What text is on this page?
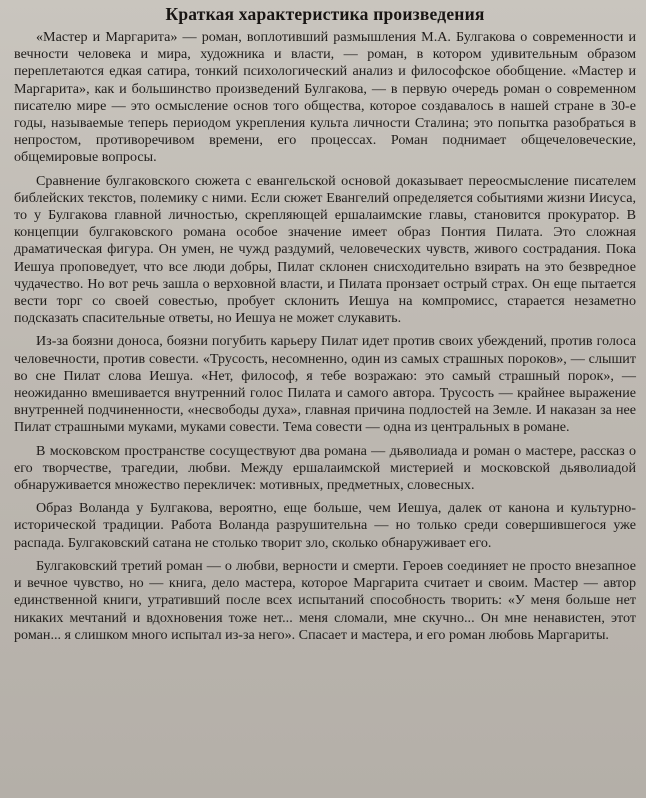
Краткая характеристика произведения

«Мастер и Маргарита» — роман, воплотивший размышления М.А. Булгакова о современности и вечности человека и мира, художника и власти, — роман, в котором удивительным образом переплетаются едкая сатира, тонкий психологический анализ и философское обобщение. «Мастер и Маргарита», как и большинство произведений Булгакова, — в первую очередь роман о современном писателю мире — это осмысление основ того общества, которое создавалось в нашей стране в 30-е годы, называемые теперь периодом укрепления культа личности Сталина; это попытка разобраться в непростом, противоречивом времени, его процессах. Роман поднимает общечеловеческие, общемировые вопросы.

Сравнение булгаковского сюжета с евангельской основой доказывает переосмысление писателем библейских текстов, полемику с ними. Если сюжет Евангелий определяется событиями жизни Иисуса, то у Булгакова главной личностью, скрепляющей ершалаимские главы, становится прокуратор. В концепции булгаковского романа особое значение имеет образ Понтия Пилата. Это сложная драматическая фигура. Он умен, не чужд раздумий, человеческих чувств, живого сострадания. Пока Иешуа проповедует, что все люди добры, Пилат склонен снисходительно взирать на это безвредное чудачество. Но вот речь зашла о верховной власти, и Пилата пронзает острый страх. Он еще пытается вести торг со своей совестью, пробует склонить Иешуа на компромисс, старается незаметно подсказать спасительные ответы, но Иешуа не может слукавить.

Из-за боязни доноса, боязни погубить карьеру Пилат идет против своих убеждений, против голоса человечности, против совести. «Трусость, несомненно, один из самых страшных пороков», — слышит во сне Пилат слова Иешуа. «Нет, философ, я тебе возражаю: это самый страшный порок», — неожиданно вмешивается внутренний голос Пилата и самого автора. Трусость — крайнее выражение внутренней подчиненности, «несвободы духа», главная причина подлостей на Земле. И наказан за нее Пилат страшными муками, муками совести. Тема совести — одна из центральных в романе.

В московском пространстве сосуществуют два романа — дьяволиада и роман о мастере, рассказ о его творчестве, трагедии, любви. Между ершалаимской мистерией и московской дьяволиадой обнаруживается множество перекличек: мотивных, предметных, словесных.

Образ Воланда у Булгакова, вероятно, еще больше, чем Иешуа, далек от канона и культурно-исторической традиции. Работа Воланда разрушительна — но только среди совершившегося уже распада. Булгаковский сатана не столько творит зло, сколько обнаруживает его.

Булгаковский третий роман — о любви, верности и смерти. Героев соединяет не просто внезапное и вечное чувство, но — книга, дело мастера, которое Маргарита считает и своим. Мастер — автор единственной книги, утративший после всех испытаний способность творить: «У меня больше нет никаких мечтаний и вдохновения тоже нет... меня сломали, мне скучно... Он мне ненавистен, этот роман... я слишком много испытал из-за него». Спасает и мастера, и его роман любовь Маргариты.
